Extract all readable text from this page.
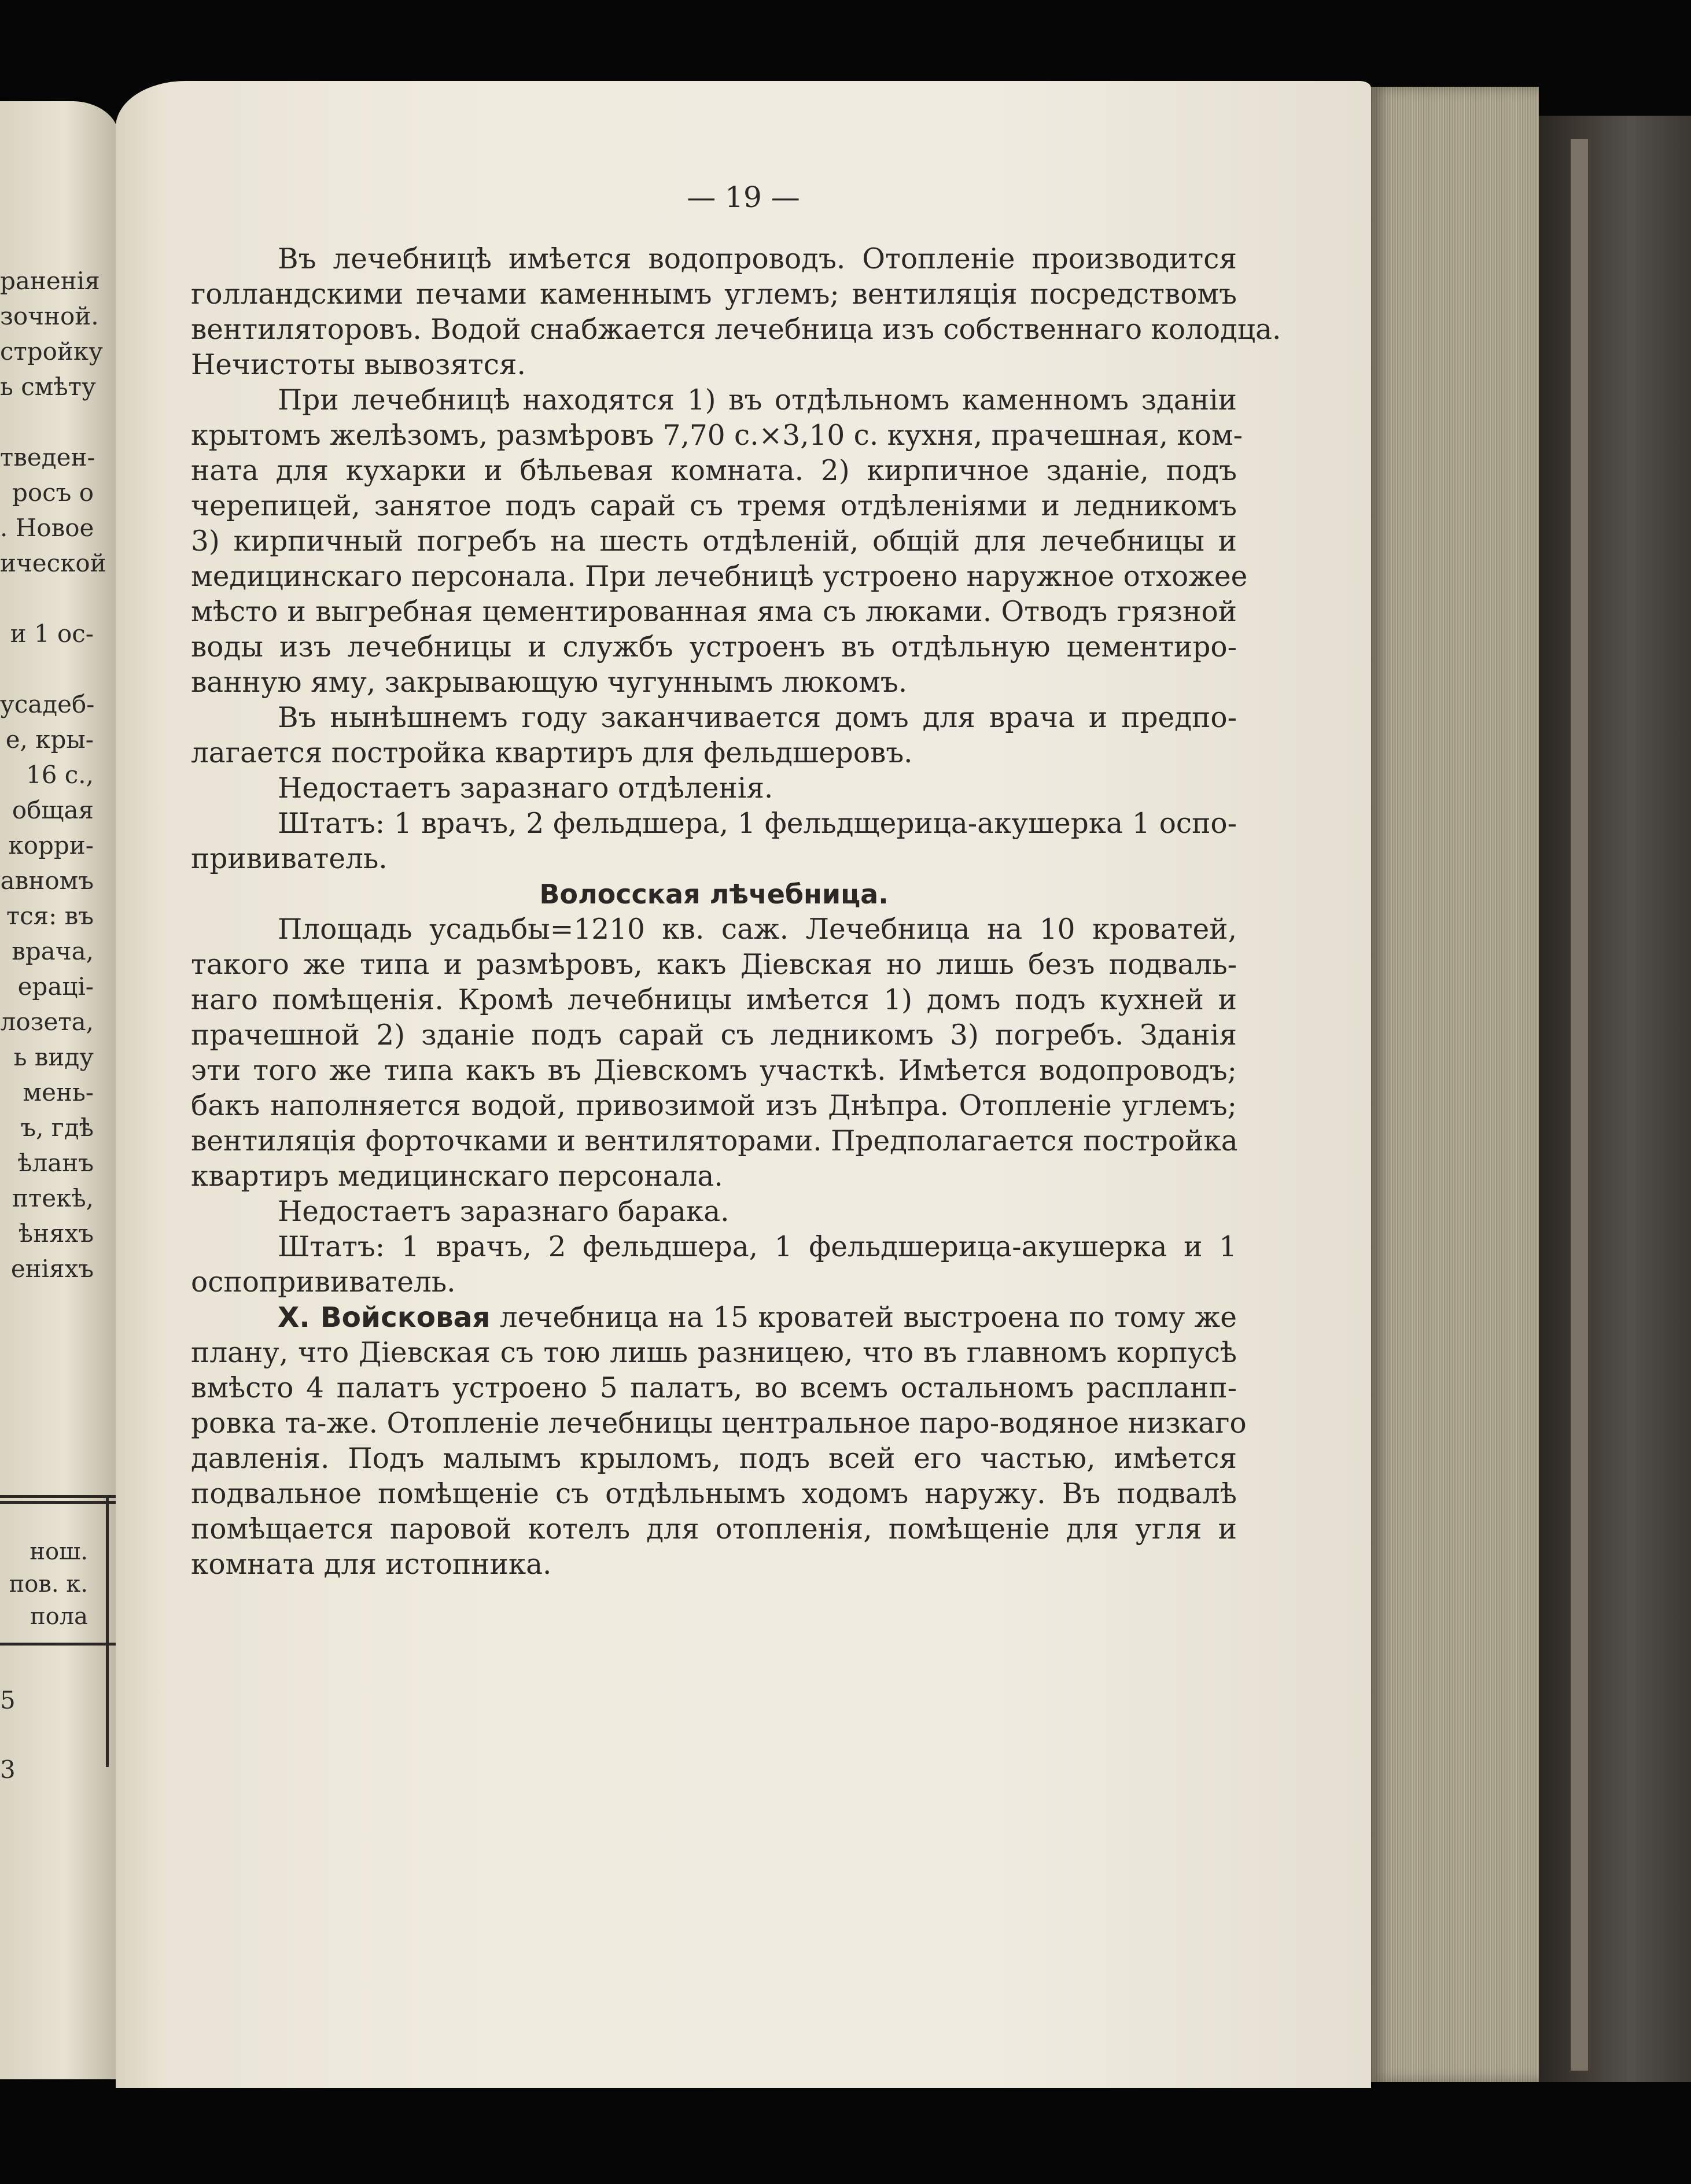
раненія
зочной.
стройку
ь смѣту
тведен-
росъ о
. Новое
ической
и 1 ос-
усадеб-
е, кры-
16 с.,
общая
корри-
авномъ
тся: въ
врача,
ераці-
лозета,
ь виду
мень-
ъ, гдѣ
ѣланъ
птекѣ,
ѣняхъ
еніяхъ
нош.
пов. к.
пола
5
3
— 19 —
Въ лечебницѣ имѣется водопроводъ. Отопленіе производится
голландскими печами каменнымъ углемъ; вентиляція посредствомъ
вентиляторовъ. Водой снабжается лечебница изъ собственнаго колодца.
Нечистоты вывозятся.
При лечебницѣ находятся 1) въ отдѣльномъ каменномъ зданіи
крытомъ желѣзомъ, размѣровъ 7,70 с.×3,10 с. кухня, прачешная, ком-
ната для кухарки и бѣльевая комната. 2) кирпичное зданіе, подъ
черепицей, занятое подъ сарай съ тремя отдѣленіями и ледникомъ
3) кирпичный погребъ на шесть отдѣленій, общій для лечебницы и
медицинскаго персонала. При лечебницѣ устроено наружное отхожее
мѣсто и выгребная цементированная яма съ люками. Отводъ грязной
воды изъ лечебницы и службъ устроенъ въ отдѣльную цементиро-
ванную яму, закрывающую чугуннымъ люкомъ.
Въ нынѣшнемъ году заканчивается домъ для врача и предпо-
лагается постройка квартиръ для фельдшеровъ.
Недостаетъ заразнаго отдѣленія.
Штатъ: 1 врачъ, 2 фельдшера, 1 фельдщерица-акушерка 1 оспо-
прививатель.
Волосская лѣчебница.
Площадь усадьбы=1210 кв. саж. Лечебница на 10 кроватей,
такого же типа и размѣровъ, какъ Діевская но лишь безъ подваль-
наго помѣщенія. Кромѣ лечебницы имѣется 1) домъ подъ кухней и
прачешной 2) зданіе подъ сарай съ ледникомъ 3) погребъ. Зданія
эти того же типа какъ въ Діевскомъ участкѣ. Имѣется водопроводъ;
бакъ наполняется водой, привозимой изъ Днѣпра. Отопленіе углемъ;
вентиляція форточками и вентиляторами. Предполагается постройка
квартиръ медицинскаго персонала.
Недостаетъ заразнаго барака.
Штатъ: 1 врачъ, 2 фельдшера, 1 фельдшерица-акушерка и 1
оспопрививатель.
X. Войсковая лечебница на 15 кроватей выстроена по тому же
плану, что Діевская съ тою лишь разницею, что въ главномъ корпусѣ
вмѣсто 4 палатъ устроено 5 палатъ, во всемъ остальномъ распланп-
ровка та-же. Отопленіе лечебницы центральное паро-водяное низкаго
давленія. Подъ малымъ крыломъ, подъ всей его частью, имѣется
подвальное помѣщеніе съ отдѣльнымъ ходомъ наружу. Въ подвалѣ
помѣщается паровой котелъ для отопленія, помѣщеніе для угля и
комната для истопника.
